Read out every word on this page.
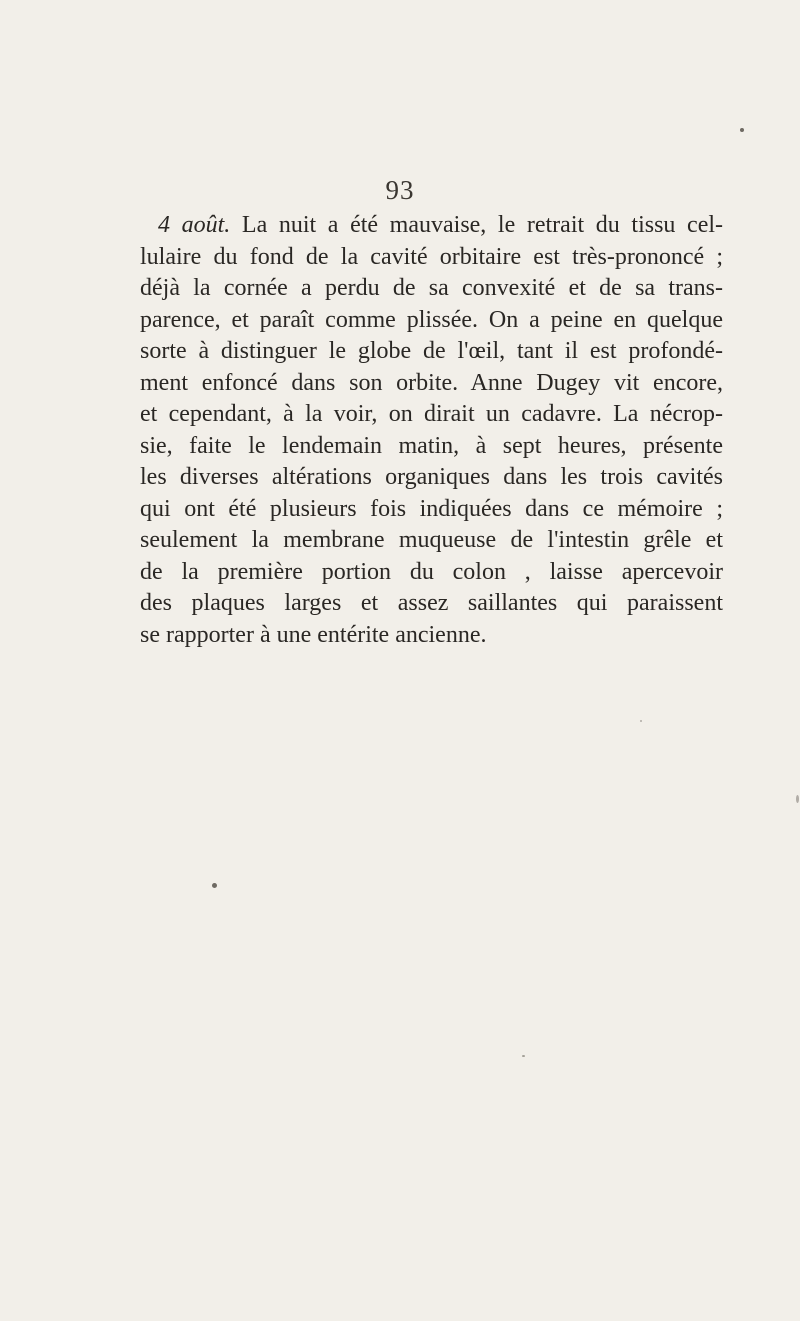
93
4 août. La nuit a été mauvaise, le retrait du tissu cel-
lulaire du fond de la cavité orbitaire est très-prononcé ;
déjà la cornée a perdu de sa convexité et de sa trans-
parence, et paraît comme plissée. On a peine en quelque
sorte à distinguer le globe de l'œil, tant il est profondé-
ment enfoncé dans son orbite. Anne Dugey vit encore,
et cependant, à la voir, on dirait un cadavre. La nécrop-
sie, faite le lendemain matin, à sept heures, présente
les diverses altérations organiques dans les trois cavités
qui ont été plusieurs fois indiquées dans ce mémoire ;
seulement la membrane muqueuse de l'intestin grêle et
de la première portion du colon , laisse apercevoir
des plaques larges et assez saillantes qui paraissent
se rapporter à une entérite ancienne.
